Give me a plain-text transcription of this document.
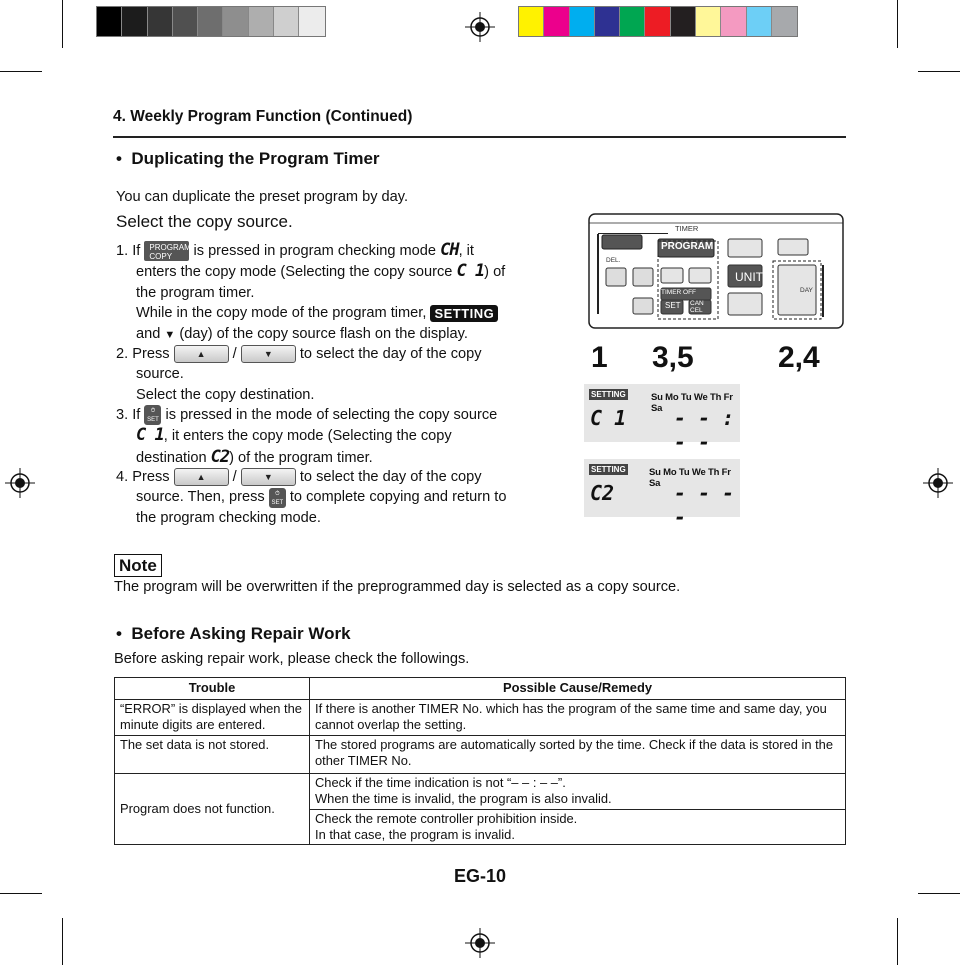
4. Weekly Program Function (Continued)
•  Duplicating the Program Timer
You can duplicate the preset program by day.
Select the copy source.
1. If PROGRAM
COPY is pressed in program checking mode CH, it
enters the copy mode (Selecting the copy source C 1) of
the program timer.
While in the copy mode of the program timer, SETTING
and ▼ (day) of the copy source flash on the display.
2. Press	▲ /	▼ to select the day of the copy
source.
Select the copy destination.
3. If ⏱
SET is pressed in the mode of selecting the copy source
C 1, it enters the copy mode (Selecting the copy
destination C2) of the program timer.
4. Press	▲ /	▼ to select the day of the copy
source. Then, press ⏱
SET to complete copying and return to
the program checking mode.
TIMER
PROGRAM
DEL.
UNIT
TIMER OFF
SET CAN CEL
DAY
1 3,5	2,4
SETTING	Su Mo Tu We Th Fr Sa
C 1 - - : - -
SETTING Su Mo Tu We Th Fr Sa
C2	- - - -
Note
The program will be overwritten if the preprogrammed day is selected as a copy source.
•  Before Asking Repair Work
Before asking repair work, please check the followings.
Trouble	Possible Cause/Remedy
“ERROR” is displayed when the minute digits are entered.	If there is another TIMER No. which has the program of the same time and same day, you cannot overlap the setting.
The set data is not stored.	The stored programs are automatically sorted by the time. Check if the data is stored in the other TIMER No.
Program does not function.	Check if the time indication is not “– – : – –”.
When the time is invalid, the program is also invalid.
	Check the remote controller prohibition inside.
In that case, the program is invalid.
EG-10
